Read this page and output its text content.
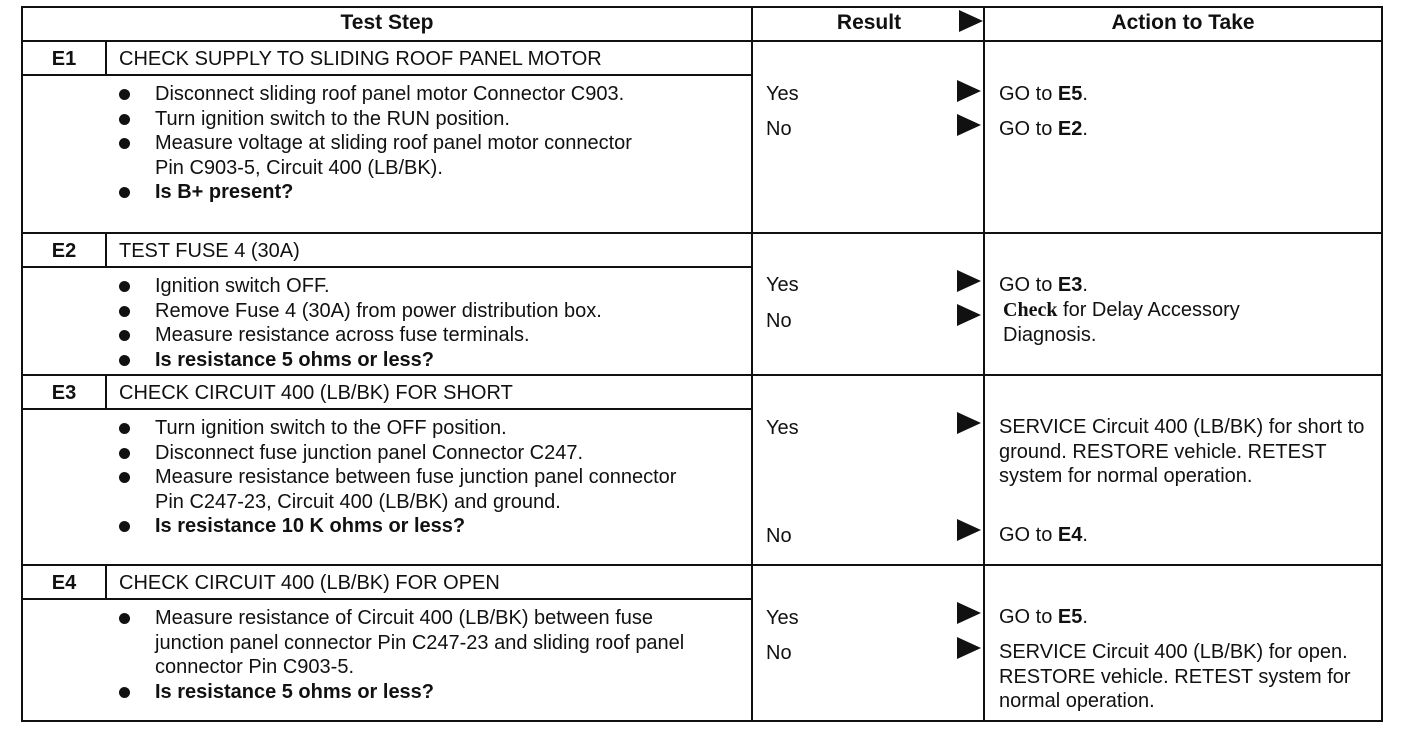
Test Step	Result	Action to Take
E1	CHECK SUPPLY TO SLIDING ROOF PANEL MOTOR
Disconnect sliding roof panel motor Connector C903.
Turn ignition switch to the RUN position.
Measure voltage at sliding roof panel motor connector Pin C903-5, Circuit 400 (LB/BK).
Is B+ present?
Yes	GO to E5.
No	GO to E2.
E2	TEST FUSE 4 (30A)
Ignition switch OFF.
Remove Fuse 4 (30A) from power distribution box.
Measure resistance across fuse terminals.
Is resistance 5 ohms or less?
Yes	GO to E3.
No	Check for Delay Accessory Diagnosis.
E3	CHECK CIRCUIT 400 (LB/BK) FOR SHORT
Turn ignition switch to the OFF position.
Disconnect fuse junction panel Connector C247.
Measure resistance between fuse junction panel connector Pin C247-23, Circuit 400 (LB/BK) and ground.
Is resistance 10 K ohms or less?
Yes	SERVICE Circuit 400 (LB/BK) for short to ground. RESTORE vehicle. RETEST system for normal operation.
No	GO to E4.
E4	CHECK CIRCUIT 400 (LB/BK) FOR OPEN
Measure resistance of Circuit 400 (LB/BK) between fuse junction panel connector Pin C247-23 and sliding roof panel connector Pin C903-5.
Is resistance 5 ohms or less?
Yes	GO to E5.
No	SERVICE Circuit 400 (LB/BK) for open. RESTORE vehicle. RETEST system for normal operation.
